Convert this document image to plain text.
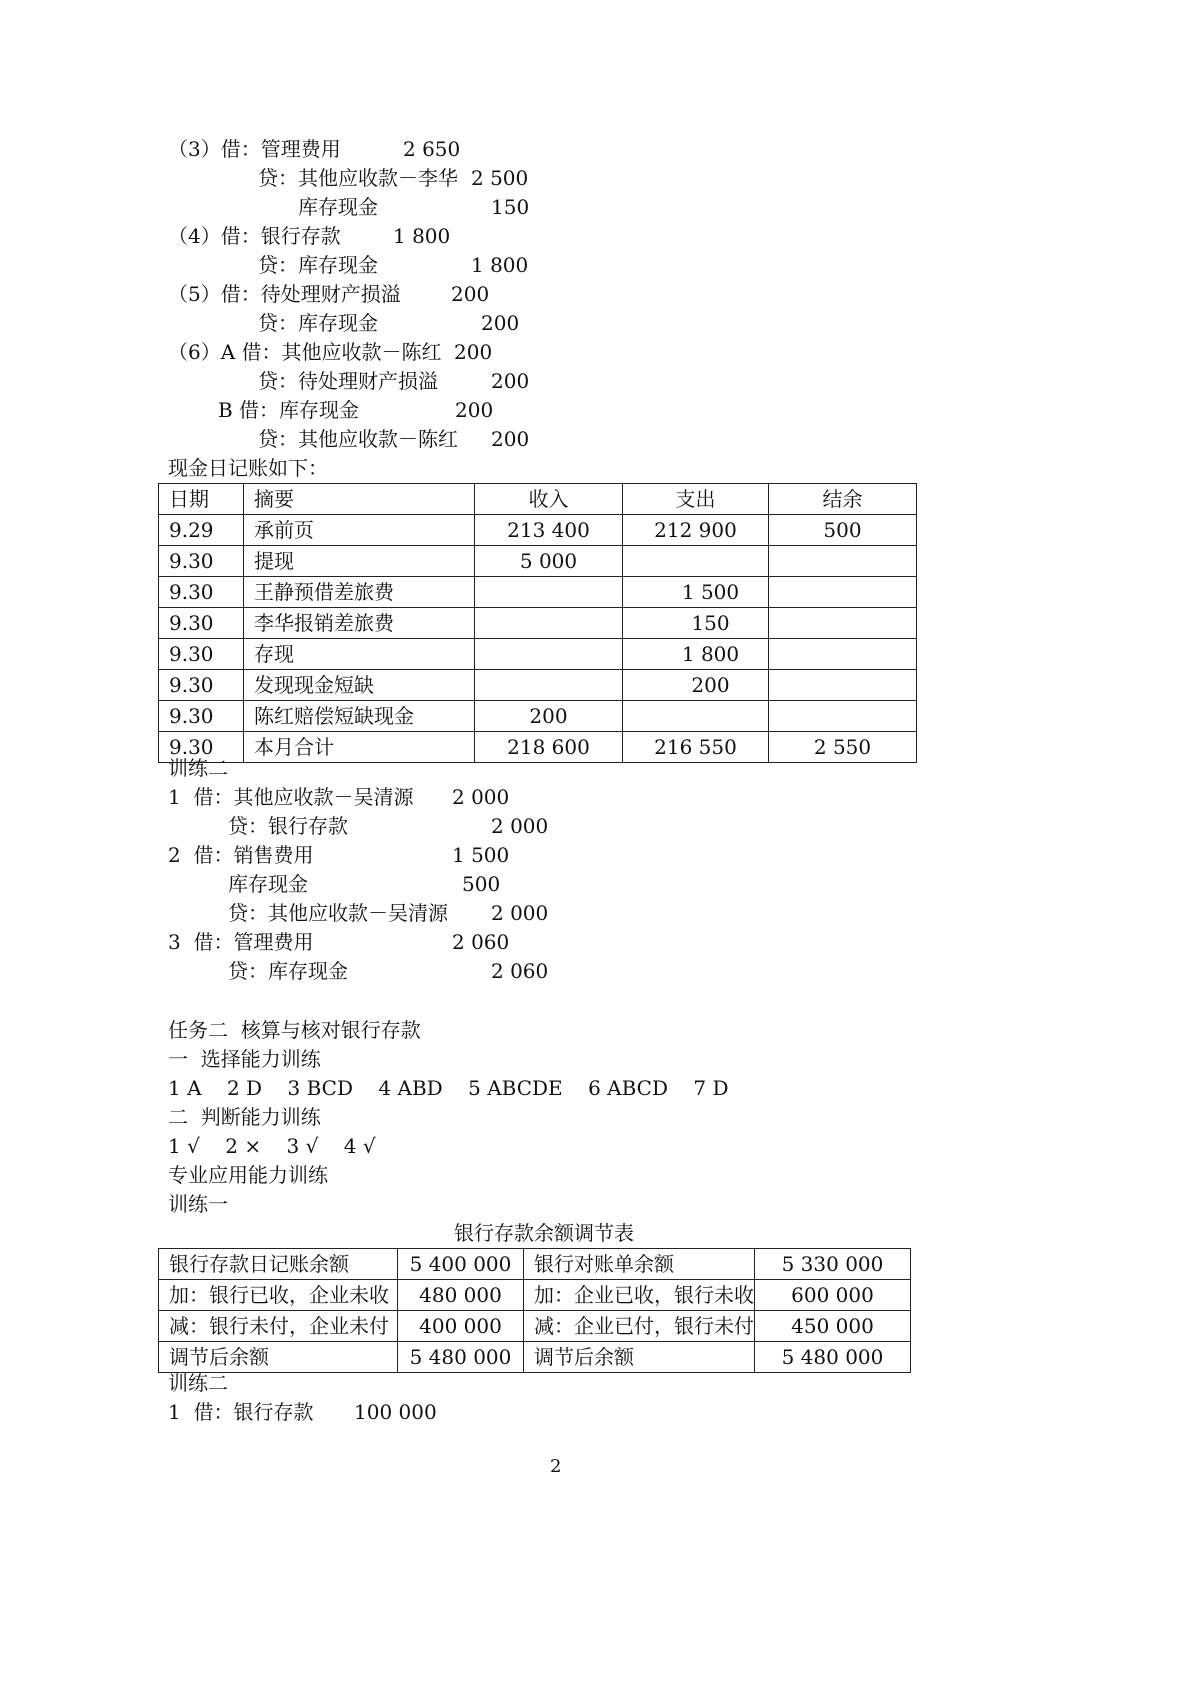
（3）借：管理费用	2 650
贷：其他应收款－李华 2 500
库存现金	150
（4）借：银行存款	1 800
贷：库存现金	1 800
（5）借：待处理财产损溢	200
贷：库存现金	200
（6）A 借：其他应收款－陈红 200
贷：待处理财产损溢	200
B 借：库存现金	200
贷：其他应收款－陈红 200
现金日记账如下：
日期	摘要	收入	支出	结余
9.29	承前页	213 400	212 900	500
9.30	提现	5 000		
9.30	王静预借差旅费		1 500	
9.30	李华报销差旅费		150	
9.30	存现		1 800	
9.30	发现现金短缺		200	
9.30	陈红赔偿短缺现金	200		
9.30	本月合计	218 600	216 550	2 550
训练二
1  借：其他应收款－吴清源 2 000
贷：银行存款	2 000
2  借：销售费用	1 500
库存现金	500
贷：其他应收款－吴清源 2 000
3  借：管理费用	2 060
贷：库存现金	2 060
任务二  核算与核对银行存款
一  选择能力训练
1 A    2 D    3 BCD    4 ABD    5 ABCDE    6 ABCD    7 D
二  判断能力训练
1 √    2 ×    3 √    4 √
专业应用能力训练
训练一
银行存款余额调节表
银行存款日记账余额	5 400 000	银行对账单余额	5 330 000
加：银行已收，企业未收	480 000	加：企业已收，银行未收	600 000
减：银行未付，企业未付	400 000	减：企业已付，银行未付	450 000
调节后余额	5 480 000	调节后余额	5 480 000
训练二
1  借：银行存款 100 000
2
